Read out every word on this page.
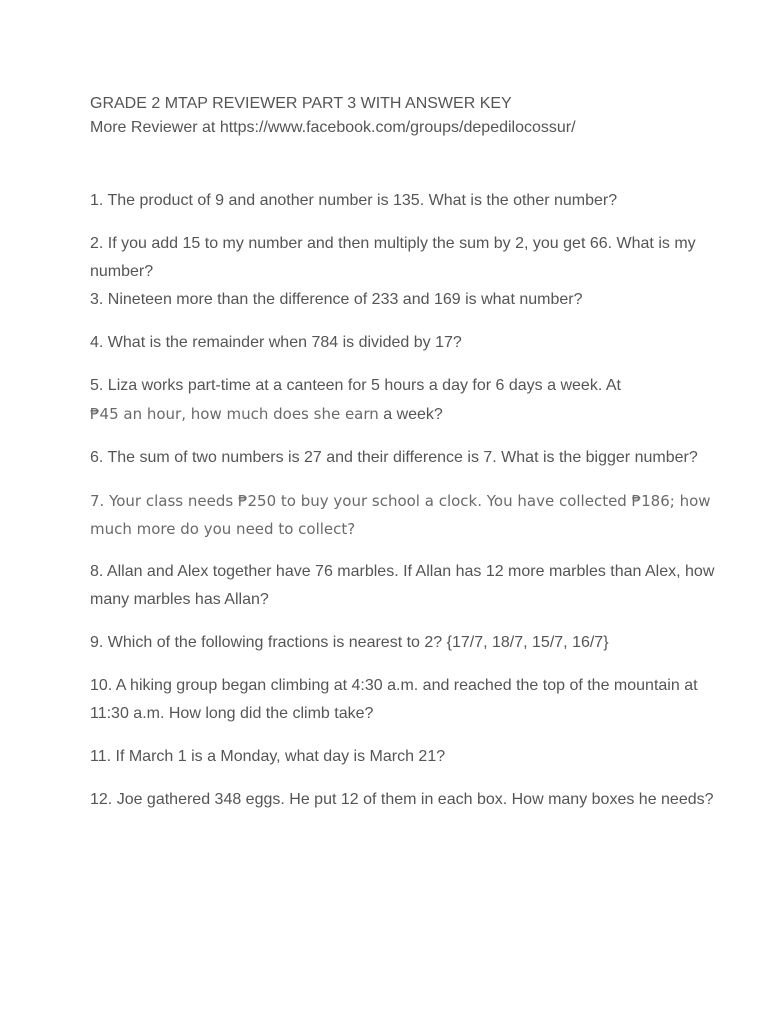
GRADE 2 MTAP REVIEWER PART 3 WITH ANSWER KEY

More Reviewer at https://www.facebook.com/groups/depedilocossur/

1. The product of 9 and another number is 135. What is the other number?

2. If you add 15 to my number and then multiply the sum by 2, you get 66. What is my number?

3. Nineteen more than the difference of 233 and 169 is what number?

4. What is the remainder when 784 is divided by 17?

5. Liza works part-time at a canteen for 5 hours a day for 6 days a week. At
₱45 an hour, how much does she earn a week?

6. The sum of two numbers is 27 and their difference is 7. What is the bigger number?

7. Your class needs ₱250 to buy your school a clock. You have collected ₱186; how much more do you need to collect?

8. Allan and Alex together have 76 marbles. If Allan has 12 more marbles than Alex, how many marbles has Allan?

9. Which of the following fractions is nearest to 2? {17/7, 18/7, 15/7, 16/7}

10. A hiking group began climbing at 4:30 a.m. and reached the top of the mountain at 11:30 a.m. How long did the climb take?

11. If March 1 is a Monday, what day is March 21?

12. Joe gathered 348 eggs. He put 12 of them in each box. How many boxes he needs?
